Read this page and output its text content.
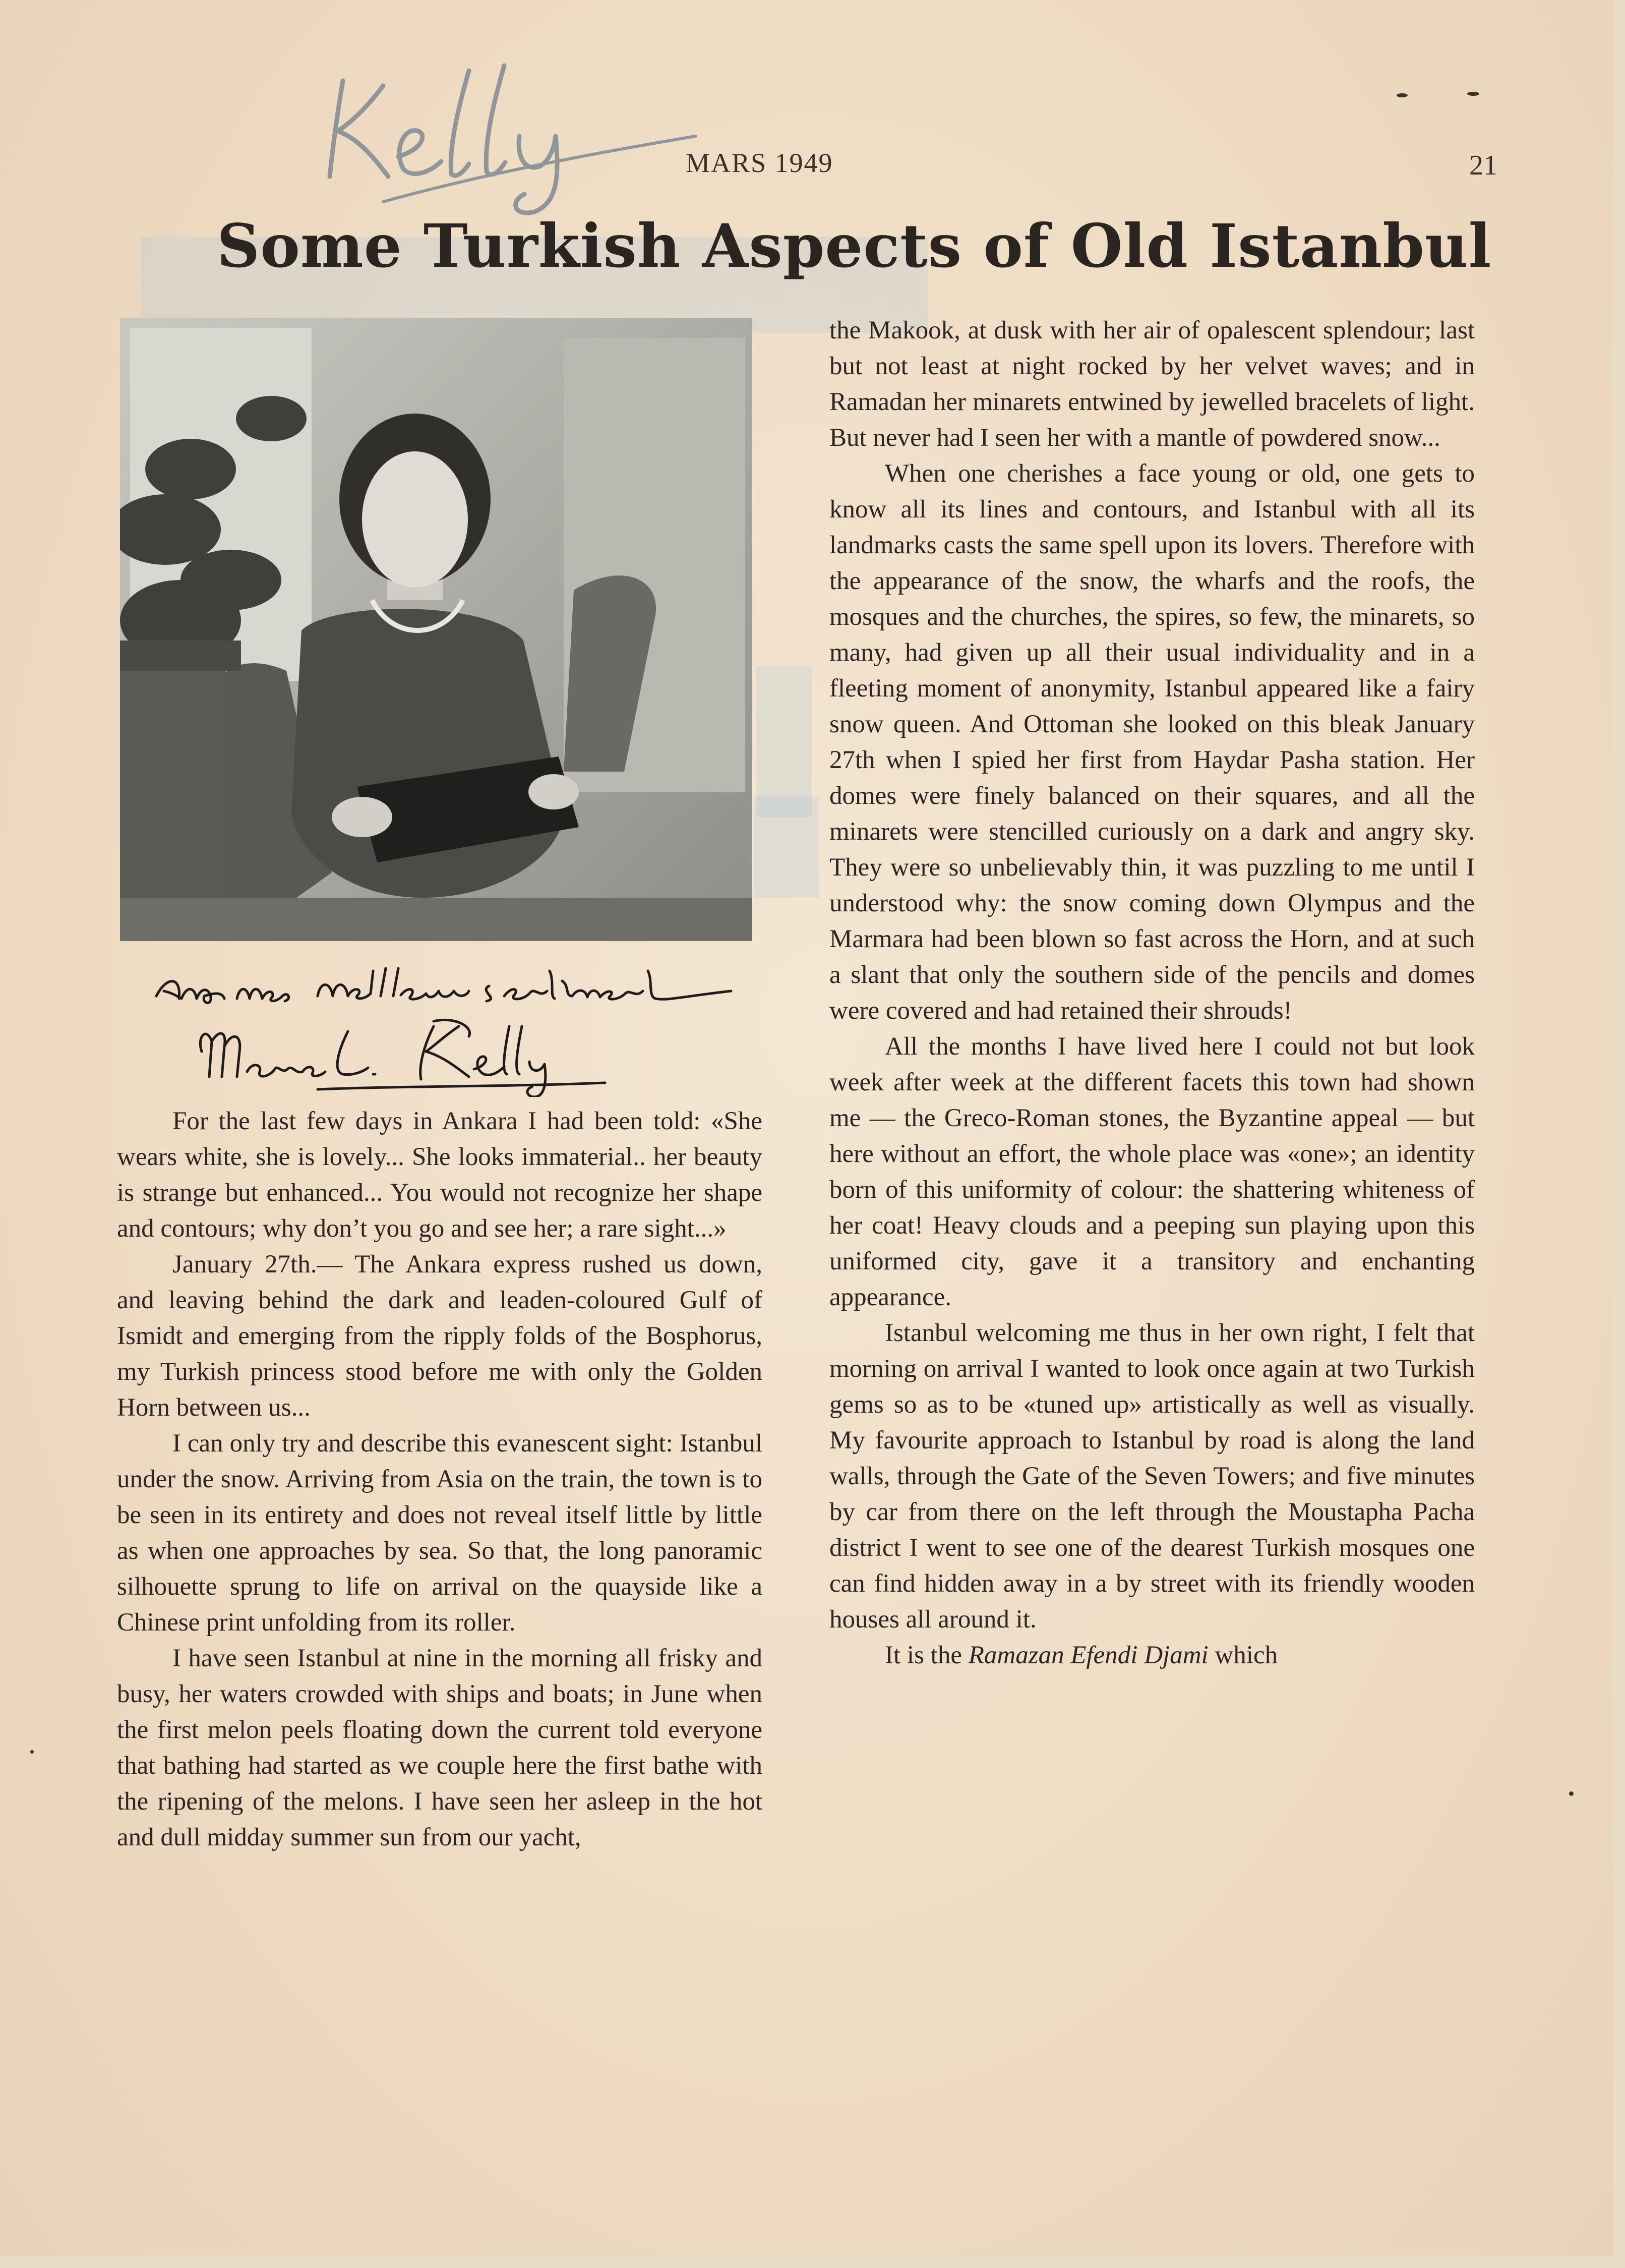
MARS 1949	21
Some Turkish Aspects of Old Istanbul

For the last few days in Ankara I had been told: «She wears white, she is lovely... She looks immaterial.. her beauty is strange but enhanced... You would not recognize her shape and contours; why don’t you go and see her; a rare sight...»

January 27th.— The Ankara express rushed us down, and leaving behind the dark and leaden-coloured Gulf of Ismidt and emerging from the ripply folds of the Bosphorus, my Turkish princess stood before me with only the Golden Horn between us...

I can only try and describe this evanescent sight: Istanbul under the snow. Arriving from Asia on the train, the town is to be seen in its entirety and does not reveal itself little by little as when one approaches by sea. So that, the long panoramic silhouette sprung to life on arrival on the quayside like a Chinese print unfolding from its roller.

I have seen Istanbul at nine in the morning all frisky and busy, her waters crowded with ships and boats; in June when the first melon peels floating down the current told everyone that bathing had started as we couple here the first bathe with the ripening of the melons. I have seen her asleep in the hot and dull midday summer sun from our yacht,

the Makook, at dusk with her air of opalescent splendour; last but not least at night rocked by her velvet waves; and in Ramadan her minarets entwined by jewelled bracelets of light. But never had I seen her with a mantle of powdered snow...

When one cherishes a face young or old, one gets to know all its lines and contours, and Istanbul with all its landmarks casts the same spell upon its lovers. Therefore with the appearance of the snow, the wharfs and the roofs, the mosques and the churches, the spires, so few, the minarets, so many, had given up all their usual individuality and in a fleeting moment of anonymity, Istanbul appeared like a fairy snow queen. And Ottoman she looked on this bleak January 27th when I spied her first from Haydar Pasha station. Her domes were finely balanced on their squares, and all the minarets were stencilled curiously on a dark and angry sky. They were so unbelievably thin, it was puzzling to me until I understood why: the snow coming down Olympus and the Marmara had been blown so fast across the Horn, and at such a slant that only the southern side of the pencils and domes were covered and had retained their shrouds!

All the months I have lived here I could not but look week after week at the different facets this town had shown me — the Greco-Roman stones, the Byzantine appeal — but here without an effort, the whole place was «one»; an identity born of this uniformity of colour: the shattering whiteness of her coat! Heavy clouds and a peeping sun playing upon this uniformed city, gave it a transitory and enchanting appearance.

Istanbul welcoming me thus in her own right, I felt that morning on arrival I wanted to look once again at two Turkish gems so as to be «tuned up» artistically as well as visually. My favourite approach to Istanbul by road is along the land walls, through the Gate of the Seven Towers; and five minutes by car from there on the left through the Moustapha Pacha district I went to see one of the dearest Turkish mosques one can find hidden away in a by street with its friendly wooden houses all around it.

It is the Ramazan Efendi Djami which
